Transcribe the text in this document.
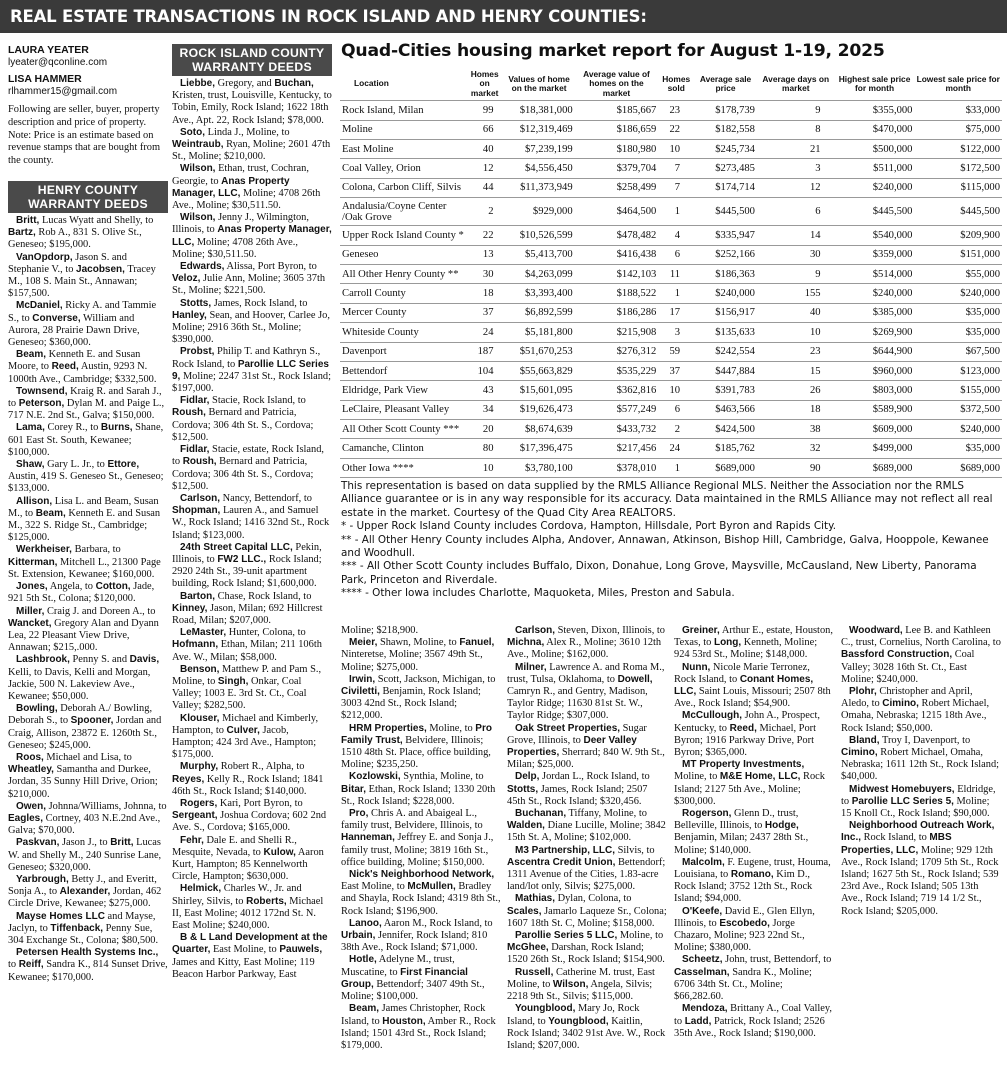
REAL ESTATE TRANSACTIONS IN ROCK ISLAND AND HENRY COUNTIES:
LAURA YEATER
lyeater@qconline.com
LISA HAMMER
rlhammer15@gmail.com

Following are seller, buyer, property description and price of property. Note: Price is an estimate based on revenue stamps that are bought from the county.

HENRY COUNTY WARRANTY DEEDS

Britt, Lucas Wyatt and Shelly, to Bartz, Rob A., 831 S. Olive St., Geneseo; $195,000.

VanOpdorp, Jason S. and Stephanie V., to Jacobsen, Tracey M., 108 S. Main St., Annawan; $157,500.

McDaniel, Ricky A. and Tammie S., to Converse, William and Aurora, 28 Prairie Dawn Drive, Geneseo; $360,000.

Beam, Kenneth E. and Susan Moore, to Reed, Austin, 9293 N. 1000th Ave., Cambridge; $332,500.

Townsend, Kraig R. and Sarah J., to Peterson, Dylan M. and Paige L., 717 N.E. 2nd St., Galva; $150,000.

Lama, Corey R., to Burns, Shane, 601 East St. South, Kewanee; $100,000.

Shaw, Gary L. Jr., to Ettore, Austin, 419 S. Geneseo St., Geneseo; $133,000.

Allison, Lisa L. and Beam, Susan M., to Beam, Kenneth E. and Susan M., 322 S. Ridge St., Cambridge; $125,000.

Werkheiser, Barbara, to Kitterman, Mitchell L., 21300 Page St. Extension, Kewanee; $160,000.

Jones, Angela, to Cotton, Jade, 921 5th St., Colona; $120,000.

Miller, Craig J. and Doreen A., to Wancket, Gregory Alan and Dyann Lea, 22 Pleasant View Drive, Annawan; $215,.000.

Lashbrook, Penny S. and Davis, Kelli, to Davis, Kelli and Morgan, Jackie, 500 N. Lakeview Ave., Kewanee; $50,000.

Bowling, Deborah A./ Bowling, Deborah S., to Spooner, Jordan and Craig, Allison, 23872 E. 1260th St., Geneseo; $245,000.

Roos, Michael and Lisa, to Wheatley, Samantha and Durkee, Jordan, 35 Sunny Hill Drive, Orion; $210,000.

Owen, Johnna/Williams, Johnna, to Eagles, Cortney, 403 N.E.2nd Ave., Galva; $70,000.

Paskvan, Jason J., to Britt, Lucas W. and Shelly M., 240 Sunrise Lane, Geneseo; $320,000.

Yarbrough, Betty J., and Everitt, Sonja A., to Alexander, Jordan, 462 Circle Drive, Kewanee; $275,000.

Mayse Homes LLC and Mayse, Jaclyn, to Tiffenback, Penny Sue, 304 Exchange St., Colona; $80,500.

Petersen Health Systems Inc., to Reiff, Sandra K., 814 Sunset Drive, Kewanee; $170,000.

ROCK ISLAND COUNTY WARRANTY DEEDS

Liebbe, Gregory, and Buchan, Kristen, trust, Louisville, Kentucky, to Tobin, Emily, Rock Island; 1622 18th Ave., Apt. 22, Rock Island; $78,000.

Soto, Linda J., Moline, to Weintraub, Ryan, Moline; 2601 47th St., Moline; $210,000.

Wilson, Ethan, trust, Cochran, Georgie, to Anas Property Manager, LLC, Moline; 4708 26th Ave., Moline; $30,511.50.

Wilson, Jenny J., Wilmington, Illinois, to Anas Property Manager, LLC, Moline; 4708 26th Ave., Moline; $30,511.50.

Edwards, Alissa, Port Byron, to Veloz, Julie Ann, Moline; 3605 37th St., Moline; $221,500.

Stotts, James, Rock Island, to Hanley, Sean, and Hoover, Carlee Jo, Moline; 2916 36th St., Moline; $390,000.

Probst, Philip T. and Kathryn S., Rock Island, to Parollie LLC Series 9, Moline; 2247 31st St., Rock Island; $197,000.

Fidlar, Stacie, Rock Island, to Roush, Bernard and Patricia, Cordova; 306 4th St. S., Cordova; $12,500.

Fidlar, Stacie, estate, Rock Island, to Roush, Bernard and Patricia, Cordova; 306 4th St. S., Cordova; $12,500.

Carlson, Nancy, Bettendorf, to Shopman, Lauren A., and Samuel W., Rock Island; 1416 32nd St., Rock Island; $123,000.

24th Street Capital LLC, Pekin, Illinois, to FW2 LLC., Rock Island; 2920 24th St., 39-unit apartment building, Rock Island; $1,600,000.

Barton, Chase, Rock Island, to Kinney, Jason, Milan; 692 Hillcrest Road, Milan; $207,000.

LeMaster, Hunter, Colona, to Hofmann, Ethan, Milan; 211 106th Ave. W., Milan; $58,000.

Benson, Matthew P. and Pam S., Moline, to Singh, Onkar, Coal Valley; 1003 E. 3rd St. Ct., Coal Valley; $282,500.

Klouser, Michael and Kimberly, Hampton, to Culver, Jacob, Hampton; 424 3rd Ave., Hampton; $175,000.

Murphy, Robert R., Alpha, to Reyes, Kelly R., Rock Island; 1841 46th St., Rock Island; $140,000.

Rogers, Kari, Port Byron, to Sergeant, Joshua Cordova; 602 2nd Ave. S., Cordova; $165,000.

Fehr, Dale E. and Shelli R., Mesquite, Nevada, to Kulow, Aaron Kurt, Hampton; 85 Kennelworth Circle, Hampton; $630,000.

Helmick, Charles W., Jr. and Shirley, Silvis, to Roberts, Michael II, East Moline; 4012 172nd St. N. East Moline; $240,000.

B & L Land Development at the Quarter, East Moline, to Pauwels, James and Kitty, East Moline; 119 Beacon Harbor Parkway, East

Quad-Cities housing market report for August 1-19, 2025
Location	Homes on market	Values of home on the market	Average value of homes on the market	Homes sold	Average sale price	Average days on market	Highest sale price for month	Lowest sale price for month
Rock Island, Milan	99	$18,381,000	$185,667	23	$178,739	9	$355,000	$33,000
Moline	66	$12,319,469	$186,659	22	$182,558	8	$470,000	$75,000
East Moline	40	$7,239,199	$180,980	10	$245,734	21	$500,000	$122,000
Coal Valley, Orion	12	$4,556,450	$379,704	7	$273,485	3	$511,000	$172,500
Colona, Carbon Cliff, Silvis	44	$11,373,949	$258,499	7	$174,714	12	$240,000	$115,000
Andalusia/Coyne Center /Oak Grove	2	$929,000	$464,500	1	$445,500	6	$445,500	$445,500
Upper Rock Island County *	22	$10,526,599	$478,482	4	$335,947	14	$540,000	$209,900
Geneseo	13	$5,413,700	$416,438	6	$252,166	30	$359,000	$151,000
All Other Henry County **	30	$4,263,099	$142,103	11	$186,363	9	$514,000	$55,000
Carroll County	18	$3,393,400	$188,522	1	$240,000	155	$240,000	$240,000
Mercer County	37	$6,892,599	$186,286	17	$156,917	40	$385,000	$35,000
Whiteside County	24	$5,181,800	$215,908	3	$135,633	10	$269,900	$35,000
Davenport	187	$51,670,253	$276,312	59	$242,554	23	$644,900	$67,500
Bettendorf	104	$55,663,829	$535,229	37	$447,884	15	$960,000	$123,000
Eldridge, Park View	43	$15,601,095	$362,816	10	$391,783	26	$803,000	$155,000
LeClaire, Pleasant Valley	34	$19,626,473	$577,249	6	$463,566	18	$589,900	$372,500
All Other Scott County ***	20	$8,674,639	$433,732	2	$424,500	38	$609,000	$240,000
Camanche, Clinton	80	$17,396,475	$217,456	24	$185,762	32	$499,000	$35,000
Other Iowa ****	10	$3,780,100	$378,010	1	$689,000	90	$689,000	$689,000

This representation is based on data supplied by the RMLS Alliance Regional MLS. Neither the Association nor the RMLS Alliance guarantee or is in any way responsible for its accuracy. Data maintained in the RMLS Alliance may not reflect all real estate in the market. Courtesy of the Quad City Area REALTORS.

* - Upper Rock Island County includes Cordova, Hampton, Hillsdale, Port Byron and Rapids City.

** - All Other Henry County includes Alpha, Andover, Annawan, Atkinson, Bishop Hill, Cambridge, Galva, Hooppole, Kewanee and Woodhull.

*** - All Other Scott County includes Buffalo, Dixon, Donahue, Long Grove, Maysville, McCausland, New Liberty, Panorama Park, Princeton and Riverdale.

**** - Other Iowa includes Charlotte, Maquoketa, Miles, Preston and Sabula.

Moline; $218,900.

Meier, Shawn, Moline, to Fanuel, Ninteretse, Moline; 3567 49th St., Moline; $275,000.

Irwin, Scott, Jackson, Michigan, to Civiletti, Benjamin, Rock Island; 3003 42nd St., Rock Island; $212,000.

HRM Properties, Moline, to Pro Family Trust, Belvidere, Illinois; 1510 48th St. Place, office building, Moline; $235,250.

Kozlowski, Synthia, Moline, to Bitar, Ethan, Rock Island; 1330 20th St., Rock Island; $228,000.

Pro, Chris A. and Abaigeal L., family trust, Belvidere, Illinois, to Hanneman, Jeffrey E. and Sonja J., family trust, Moline; 3819 16th St., office building, Moline; $150,000.

Nick's Neighborhood Network, East Moline, to McMullen, Bradley and Shayla, Rock Island; 4319 8th St., Rock Island; $196,900.

Lanoo, Aaron M., Rock Island, to Urbain, Jennifer, Rock Island; 810 38th Ave., Rock Island; $71,000.

Hotle, Adelyne M., trust, Muscatine, to First Financial Group, Bettendorf; 3407 49th St., Moline; $100,000.

Beam, James Christopher, Rock Island, to Houston, Amber R., Rock Island; 1501 43rd St., Rock Island; $179,000.

Carlson, Steven, Dixon, Illinois, to Michna, Alex R., Moline; 3610 12th Ave., Moline; $162,000.

Milner, Lawrence A. and Roma M., trust, Tulsa, Oklahoma, to Dowell, Camryn R., and Gentry, Madison, Taylor Ridge; 11630 81st St. W., Taylor Ridge; $307,000.

Oak Street Properties, Sugar Grove, Illinois, to Deer Valley Properties, Sherrard; 840 W. 9th St., Milan; $25,000.

Delp, Jordan L., Rock Island, to Stotts, James, Rock Island; 2507 45th St., Rock Island; $320,456.

Buchanan, Tiffany, Moline, to Walden, Diane Lucille, Moline; 3842 15th St. A, Moline; $102,000.

M3 Partnership, LLC, Silvis, to Ascentra Credit Union, Bettendorf; 1311 Avenue of the Cities, 1.83-acre land/lot only, Silvis; $275,000.

Mathias, Dylan, Colona, to Scales, Jamarlo Laqueze Sr., Colona; 1607 18th St. C, Moline; $158,000.

Parollie Series 5 LLC, Moline, to McGhee, Darshan, Rock Island; 1520 26th St., Rock Island; $154,900.

Russell, Catherine M. trust, East Moline, to Wilson, Angela, Silvis; 2218 9th St., Silvis; $115,000.

Youngblood, Mary Jo, Rock Island, to Youngblood, Kaitlin, Rock Island; 3402 91st Ave. W., Rock Island; $207,000.

Greiner, Arthur E., estate, Houston, Texas, to Long, Kenneth, Moline; 924 53rd St., Moline; $148,000.

Nunn, Nicole Marie Terronez, Rock Island, to Conant Homes, LLC, Saint Louis, Missouri; 2507 8th Ave., Rock Island; $54,900.

McCullough, John A., Prospect, Kentucky, to Reed, Michael, Port Byron; 1916 Parkway Drive, Port Byron; $365,000.

MT Property Investments, Moline, to M&E Home, LLC, Rock Island; 2127 5th Ave., Moline; $300,000.

Rogerson, Glenn D., trust, Belleville, Illinois, to Hodge, Benjamin, Milan; 2437 28th St., Moline; $140,000.

Malcolm, F. Eugene, trust, Houma, Louisiana, to Romano, Kim D., Rock Island; 3752 12th St., Rock Island; $94,000.

O'Keefe, David E., Glen Ellyn, Illinois, to Escobedo, Jorge Chazaro, Moline; 923 22nd St., Moline; $380,000.

Scheetz, John, trust, Bettendorf, to Casselman, Sandra K., Moline; 6706 34th St. Ct., Moline; $66,282.60.

Mendoza, Brittany A., Coal Valley, to Ladd, Patrick, Rock Island; 2526 35th Ave., Rock Island; $190,000.

Woodward, Lee B. and Kathleen C., trust, Cornelius, North Carolina, to Bassford Construction, Coal Valley; 3028 16th St. Ct., East Moline; $240,000.

Plohr, Christopher and April, Aledo, to Cimino, Robert Michael, Omaha, Nebraska; 1215 18th Ave., Rock Island; $50,000.

Bland, Troy I, Davenport, to Cimino, Robert Michael, Omaha, Nebraska; 1611 12th St., Rock Island; $40,000.

Midwest Homebuyers, Eldridge, to Parollie LLC Series 5, Moline; 15 Knoll Ct., Rock Island; $90,000.

Neighborhood Outreach Work, Inc., Rock Island, to MBS Properties, LLC, Moline; 929 12th Ave., Rock Island; 1709 5th St., Rock Island; 1627 5th St., Rock Island; 539 23rd Ave., Rock Island; 505 13th Ave., Rock Island; 719 14 1/2 St., Rock Island; $205,000.
